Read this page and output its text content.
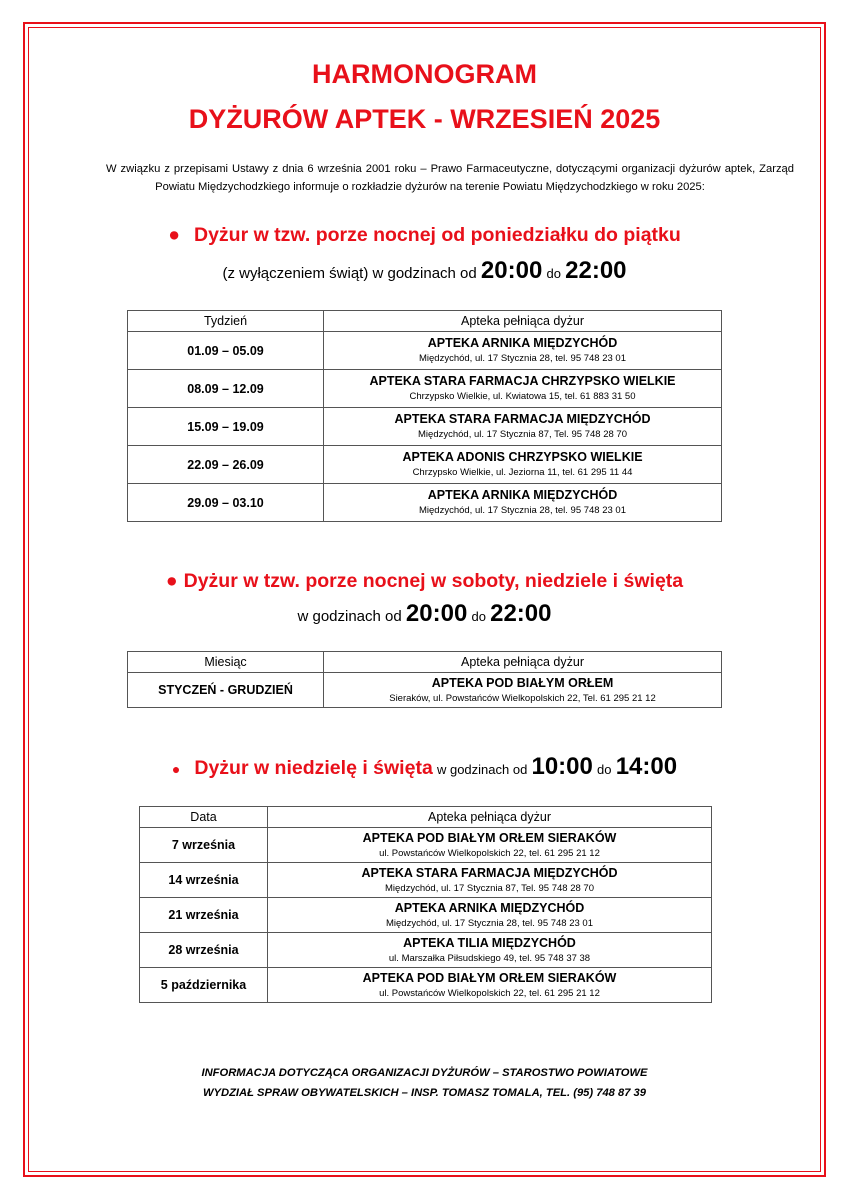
HARMONOGRAM
DYŻURÓW APTEK - WRZESIEŃ 2025
W związku z przepisami Ustawy z dnia 6 września 2001 roku – Prawo Farmaceutyczne, dotyczącymi organizacji dyżurów aptek, Zarząd Powiatu Międzychodzkiego informuje o rozkładzie dyżurów na terenie Powiatu Międzychodzkiego w roku 2025:
● Dyżur w tzw. porze nocnej od poniedziałku do piątku
(z wyłączeniem świąt) w godzinach od 20:00 do 22:00
Tydzień	Apteka pełniąca dyżur
01.09 – 05.09	APTEKA ARNIKA MIĘDZYCHÓD
Międzychód, ul. 17 Stycznia 28, tel. 95 748 23 01

08.09 – 12.09	APTEKA STARA FARMACJA CHRZYPSKO WIELKIE
Chrzypsko Wielkie, ul. Kwiatowa 15, tel. 61 883 31 50

15.09 – 19.09	APTEKA STARA FARMACJA MIĘDZYCHÓD
Międzychód, ul. 17 Stycznia 87, Tel. 95 748 28 70

22.09 – 26.09	APTEKA ADONIS CHRZYPSKO WIELKIE
Chrzypsko Wielkie, ul. Jeziorna 11, tel. 61 295 11 44

29.09 – 03.10	APTEKA ARNIKA MIĘDZYCHÓD
Międzychód, ul. 17 Stycznia 28, tel. 95 748 23 01
● Dyżur w tzw. porze nocnej w soboty, niedziele i święta
w godzinach od 20:00 do 22:00
Miesiąc	Apteka pełniąca dyżur
STYCZEŃ - GRUDZIEŃ	APTEKA POD BIAŁYM ORŁEM
Sieraków, ul. Powstańców Wielkopolskich 22, Tel. 61 295 21 12
● Dyżur w niedzielę i święta w godzinach od 10:00 do 14:00
Data	Apteka pełniąca dyżur
7 września	APTEKA POD BIAŁYM ORŁEM SIERAKÓW
ul. Powstańców Wielkopolskich 22, tel. 61 295 21 12

14 września	APTEKA STARA FARMACJA MIĘDZYCHÓD
Międzychód, ul. 17 Stycznia 87, Tel. 95 748 28 70

21 września	APTEKA ARNIKA MIĘDZYCHÓD
Międzychód, ul. 17 Stycznia 28, tel. 95 748 23 01

28 września	APTEKA TILIA MIĘDZYCHÓD
ul. Marszałka Piłsudskiego 49, tel. 95 748 37 38

5 października	APTEKA POD BIAŁYM ORŁEM SIERAKÓW
ul. Powstańców Wielkopolskich 22, tel. 61 295 21 12
INFORMACJA DOTYCZĄCA ORGANIZACJI DYŻURÓW – STAROSTWO POWIATOWE
WYDZIAŁ SPRAW OBYWATELSKICH – INSP. TOMASZ TOMALA, TEL. (95) 748 87 39
